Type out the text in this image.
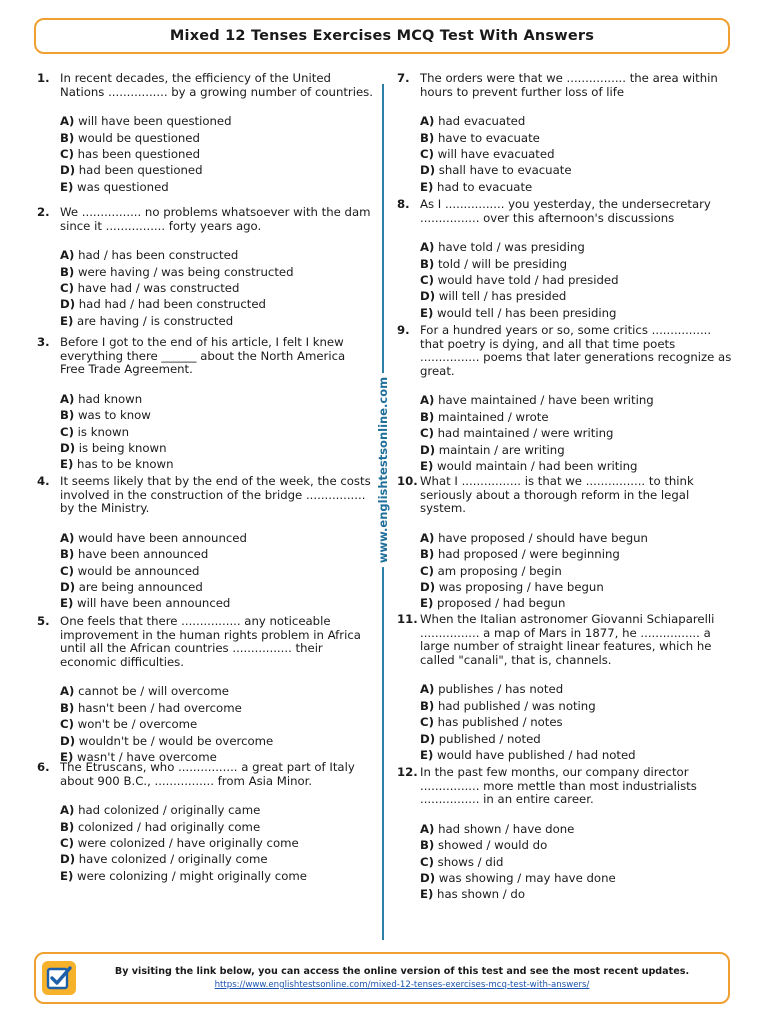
Mixed 12 Tenses Exercises MCQ Test With Answers
1. In recent decades, the efficiency of the United Nations ................ by a growing number of countries.
A) will have been questioned
B) would be questioned
C) has been questioned
D) had been questioned
E) was questioned
2. We ................ no problems whatsoever with the dam since it ................ forty years ago.
A) had / has been constructed
B) were having / was being constructed
C) have had / was constructed
D) had had / had been constructed
E) are having / is constructed
3. Before I got to the end of his article, I felt I knew everything there ______ about the North America Free Trade Agreement.
A) had known
B) was to know
C) is known
D) is being known
E) has to be known
4. It seems likely that by the end of the week, the costs involved in the construction of the bridge ................ by the Ministry.
A) would have been announced
B) have been announced
C) would be announced
D) are being announced
E) will have been announced
5. One feels that there ................ any noticeable improvement in the human rights problem in Africa until all the African countries ................ their economic difficulties.
A) cannot be / will overcome
B) hasn't been / had overcome
C) won't be / overcome
D) wouldn't be / would be overcome
E) wasn't / have overcome
6. The Etruscans, who ................ a great part of Italy about 900 B.C., ................ from Asia Minor.
A) had colonized / originally came
B) colonized / had originally come
C) were colonized / have originally come
D) have colonized / originally come
E) were colonizing / might originally come
www.englishtestsonline.com
7. The orders were that we ................ the area within hours to prevent further loss of life
A) had evacuated
B) have to evacuate
C) will have evacuated
D) shall have to evacuate
E) had to evacuate
8. As I ................ you yesterday, the undersecretary ................ over this afternoon's discussions
A) have told / was presiding
B) told / will be presiding
C) would have told / had presided
D) will tell / has presided
E) would tell / has been presiding
9. For a hundred years or so, some critics ................ that poetry is dying, and all that time poets ................ poems that later generations recognize as great.
A) have maintained / have been writing
B) maintained / wrote
C) had maintained / were writing
D) maintain / are writing
E) would maintain / had been writing
10. What I ................ is that we ................ to think seriously about a thorough reform in the legal system.
A) have proposed / should have begun
B) had proposed / were beginning
C) am proposing / begin
D) was proposing / have begun
E) proposed / had begun
11. When the Italian astronomer Giovanni Schiaparelli ................ a map of Mars in 1877, he ................ a large number of straight linear features, which he called "canali", that is, channels.
A) publishes / has noted
B) had published / was noting
C) has published / notes
D) published / noted
E) would have published / had noted
12. In the past few months, our company director ................ more mettle than most industrialists ................ in an entire career.
A) had shown / have done
B) showed / would do
C) shows / did
D) was showing / may have done
E) has shown / do
By visiting the link below, you can access the online version of this test and see the most recent updates.
https://www.englishtestsonline.com/mixed-12-tenses-exercises-mcq-test-with-answers/
